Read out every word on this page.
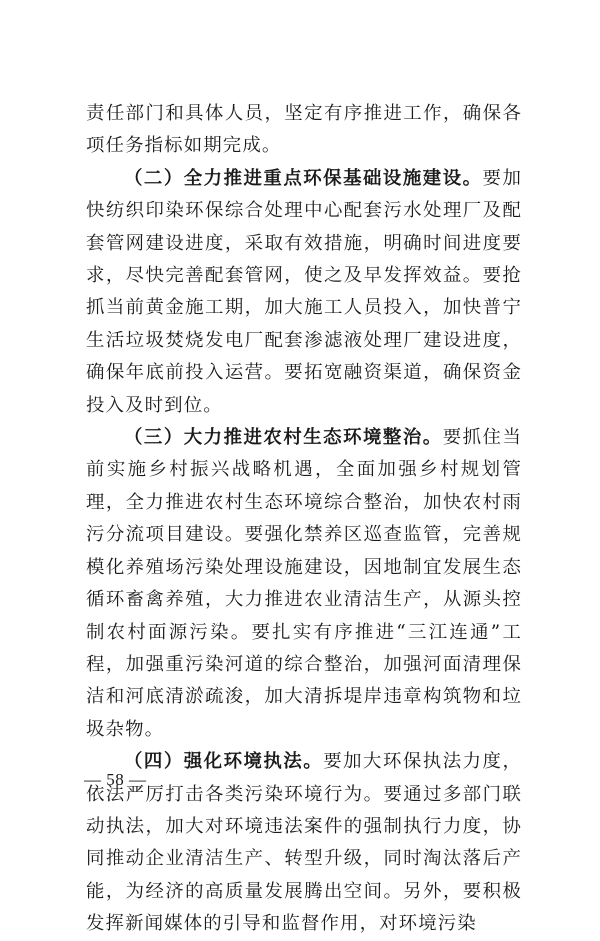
责任部门和具体人员，坚定有序推进工作，确保各项任务指标如期完成。

（二）全力推进重点环保基础设施建设。要加快纺织印染环保综合处理中心配套污水处理厂及配套管网建设进度，采取有效措施，明确时间进度要求，尽快完善配套管网，使之及早发挥效益。要抢抓当前黄金施工期，加大施工人员投入，加快普宁生活垃圾焚烧发电厂配套渗滤液处理厂建设进度，确保年底前投入运营。要拓宽融资渠道，确保资金投入及时到位。

（三）大力推进农村生态环境整治。要抓住当前实施乡村振兴战略机遇，全面加强乡村规划管理，全力推进农村生态环境综合整治，加快农村雨污分流项目建设。要强化禁养区巡查监管，完善规模化养殖场污染处理设施建设，因地制宜发展生态循环畜禽养殖，大力推进农业清洁生产，从源头控制农村面源污染。要扎实有序推进“三江连通”工程，加强重污染河道的综合整治，加强河面清理保洁和河底清淤疏浚，加大清拆堤岸违章构筑物和垃圾杂物。

（四）强化环境执法。要加大环保执法力度，依法严厉打击各类污染环境行为。要通过多部门联动执法，加大对环境违法案件的强制执行力度，协同推动企业清洁生产、转型升级，同时淘汰落后产能，为经济的高质量发展腾出空间。另外，要积极发挥新闻媒体的引导和监督作用，对环境污染

— 58 —
